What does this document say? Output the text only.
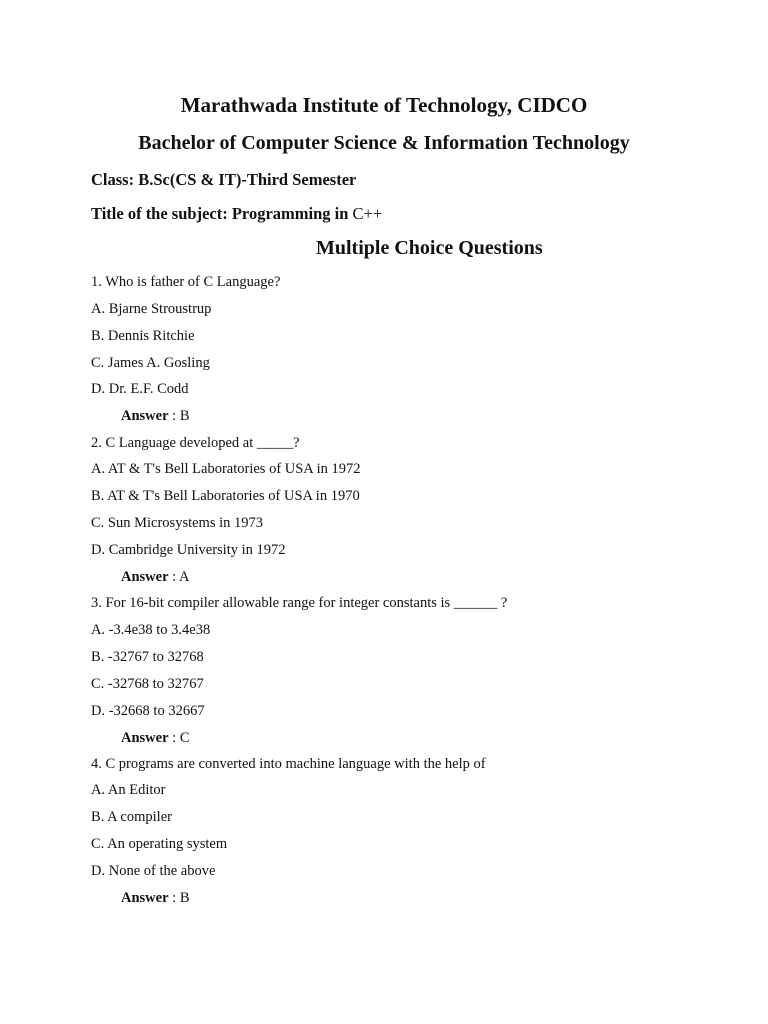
Marathwada Institute of Technology, CIDCO
Bachelor of Computer Science & Information Technology
Class: B.Sc(CS & IT)-Third Semester
Title of the subject: Programming in C++
Multiple Choice Questions
1. Who is father of C Language?
A. Bjarne Stroustrup
B. Dennis Ritchie
C. James A. Gosling
D. Dr. E.F. Codd
Answer : B
2. C Language developed at _____?
A. AT & T's Bell Laboratories of USA in 1972
B. AT & T's Bell Laboratories of USA in 1970
C. Sun Microsystems in 1973
D. Cambridge University in 1972
Answer : A
3. For 16-bit compiler allowable range for integer constants is ______ ?
A. -3.4e38 to 3.4e38
B. -32767 to 32768
C. -32768 to 32767
D. -32668 to 32667
Answer : C
4. C programs are converted into machine language with the help of
A. An Editor
B. A compiler
C. An operating system
D. None of the above
Answer : B
